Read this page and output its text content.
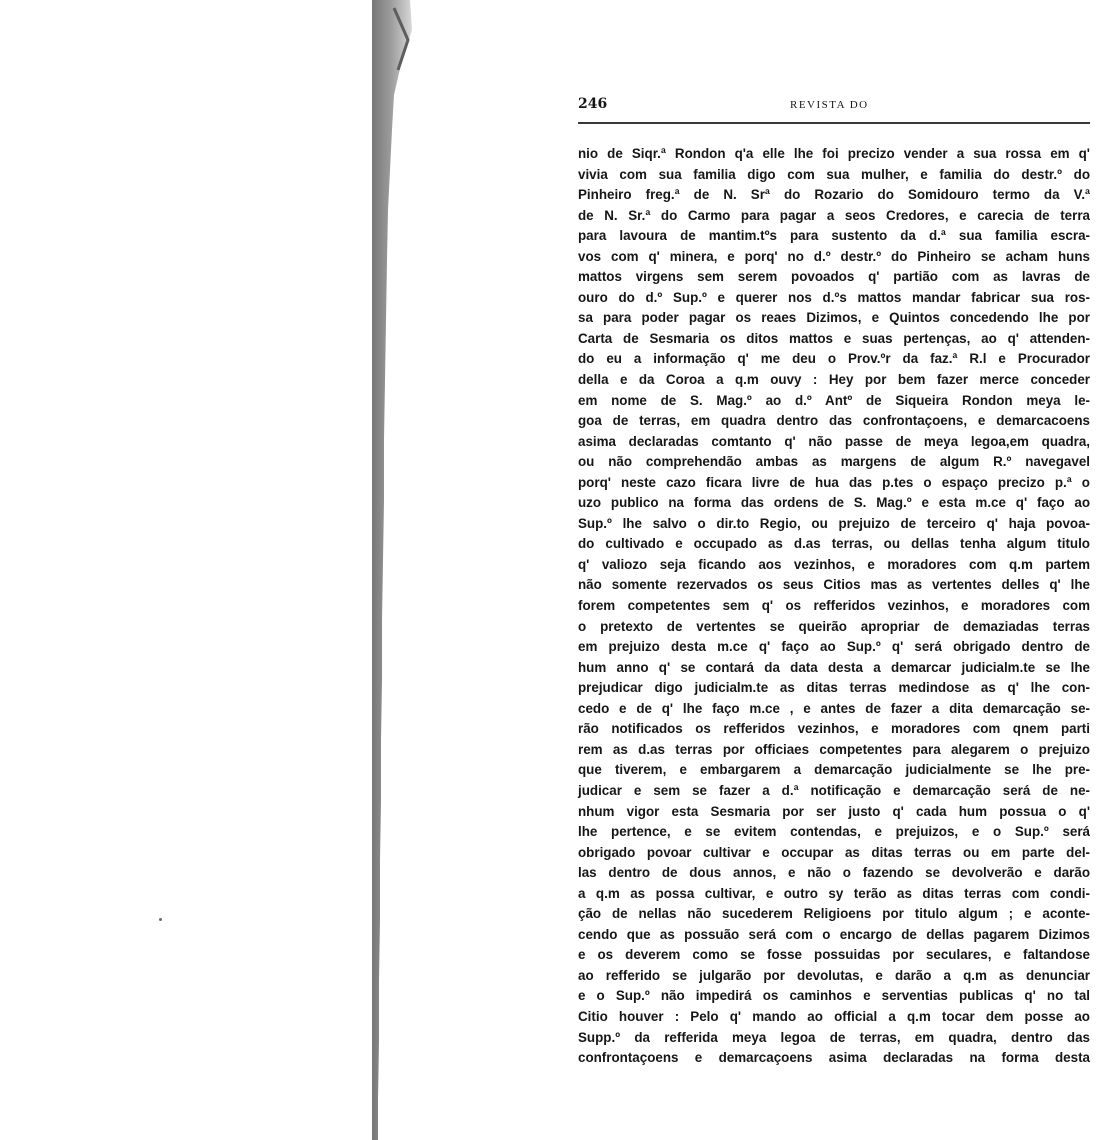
246	REVISTA DO
nio de Siqr.ª Rondon q'a elle lhe foi precizo vender a sua rossa em q'
vivia com sua familia digo com sua mulher, e familia do destr.º do
Pinheiro freg.ª de N. Srª do Rozario do Somidouro termo da V.ª
de N. Sr.ª do Carmo para pagar a seos Credores, e carecia de terra
para lavoura de mantim.tºs para sustento da d.ª sua familia escra-
vos com q' minera, e porq' no d.º destr.º do Pinheiro se acham huns
mattos virgens sem serem povoados q' partião com as lavras de
ouro do d.º Sup.º e querer nos d.ºs mattos mandar fabricar sua ros-
sa para poder pagar os reaes Dizimos, e Quintos concedendo lhe por
Carta de Sesmaria os ditos mattos e suas pertenças, ao q' attenden-
do eu a informação q' me deu o Prov.ºr da faz.ª R.l e Procurador
della e da Coroa a q.m ouvy : Hey por bem fazer merce conceder
em nome de S. Mag.º ao d.º Antº de Siqueira Rondon meya le-
goa de terras, em quadra dentro das confrontaçoens, e demarcacoens
asima declaradas comtanto q' não passe de meya legoa,em quadra,
ou não comprehendão ambas as margens de algum R.º navegavel
porq' neste cazo ficara livre de hua das p.tes o espaço precizo p.ª o
uzo publico na forma das ordens de S. Mag.º e esta m.ce q' faço ao
Sup.º lhe salvo o dir.to Regio, ou prejuizo de terceiro q' haja povoa-
do cultivado e occupado as d.as terras, ou dellas tenha algum titulo
q' valiozo seja ficando aos vezinhos, e moradores com q.m partem
não somente rezervados os seus Citios mas as vertentes delles q' lhe
forem competentes sem q' os refferidos vezinhos, e moradores com
o pretexto de vertentes se queirão apropriar de demaziadas terras
em prejuizo desta m.ce q' faço ao Sup.º q' será obrigado dentro de
hum anno q' se contará da data desta a demarcar judicialm.te se lhe
prejudicar digo judicialm.te as ditas terras medindose as q' lhe con-
cedo e de q' lhe faço m.ce , e antes de fazer a dita demarcação se-
rão notificados os refferidos vezinhos, e moradores com qnem parti
rem as d.as terras por officiaes competentes para alegarem o prejuizo
que tiverem, e embargarem a demarcação judicialmente se lhe pre-
judicar e sem se fazer a d.ª notificação e demarcação será de ne-
nhum vigor esta Sesmaria por ser justo q' cada hum possua o q'
lhe pertence, e se evitem contendas, e prejuizos, e o Sup.º será
obrigado povoar cultivar e occupar as ditas terras ou em parte del-
las dentro de dous annos, e não o fazendo se devolverão e darão
a q.m as possa cultivar, e outro sy terão as ditas terras com condi-
ção de nellas não sucederem Religioens por titulo algum ; e aconte-
cendo que as possuão será com o encargo de dellas pagarem Dizimos
e os deverem como se fosse possuidas por seculares, e faltandose
ao refferido se julgarão por devolutas, e darão a q.m as denunciar
e o Sup.º não impedirá os caminhos e serventias publicas q' no tal
Citio houver : Pelo q' mando ao official a q.m tocar dem posse ao
Supp.º da refferida meya legoa de terras, em quadra, dentro das
confrontaçoens e demarcaçoens asima declaradas na forma desta
